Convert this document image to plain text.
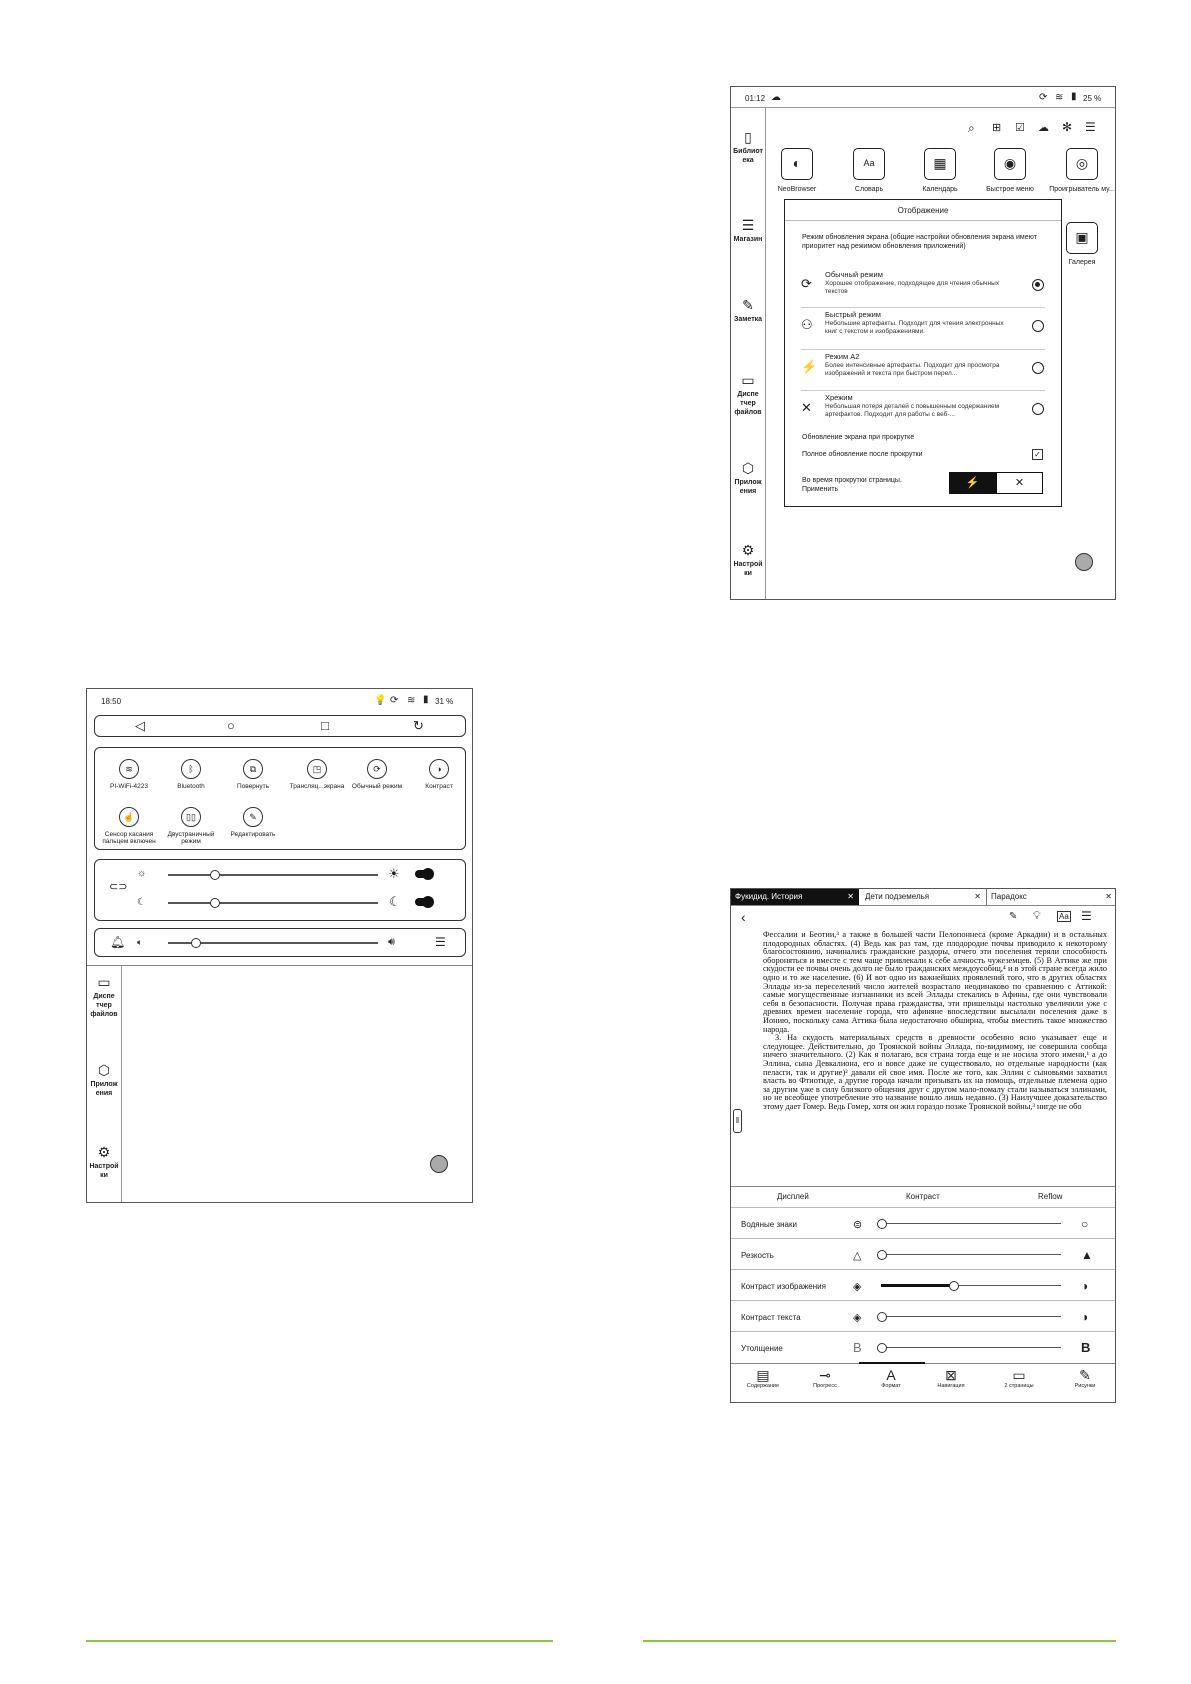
01:12 ☁	⟳ ≋ ▮ 25 %
⌕ ⊞ ☑ ☁ ✻ ☰
▯
Библиот
ека
☰
Магазин
✎
Заметка
▭
Диспе
тчер
файлов
⬡
Прилож
ения
⚙
Настрой
ки
◐
NeoBrowser
Aa
Словарь
▦
Календарь
◉
Быстрое меню
◎
Проигрыватель му...
▣
Галерея
Отображение
Режим обновления экрана (общие настройки обновления экрана имеют приоритет над режимом обновления приложений)
⟳
Обычный режим
Хорошее отображение, подходящее для чтения обычных текстов
⚇
Быстрый режим
Небольшие артефакты. Подходит для чтения электронных книг с текстом и изображениями.
⚡
Режим A2
Более интенсивные артефакты. Подходит для просмотра изображений и текста при быстром перел...
✕
Xрежим
Небольшая потеря деталей с повышенным содержанием артефактов. Подходит для работы с веб-...
Обновление экрана при прокрутке
Полное обновление после прокрутки	✓
Во время прокрутки страницы. Применить
⚡	✕
18:50	💡 ⟳ ≋ ▮ 31 %
◁	○	□	↻
≋
PI-WiFi-4223
ᛒ
Bluetooth
⧉
Повернуть
◳
Трансляц...экрана
⟳
Обычный режим
◑
Контраст
☝
Сенсор касания пальцем включен
▯▯
Двустраничный режим
✎
Редактировать
⊂⊃
☼	☀
☾	☾
🔔︎ 🔈︎	🔊︎	☰
▭
Диспе
тчер
файлов
⬡
Прилож
ения
⚙
Настрой
ки
Фукидид. История	✕	Дети подземелья	✕	Парадокс	✕
‹	✎ 💡︎ Aa ☰
Фессалии и Беотии,³ а также в большей части Пелопоннеса (кроме Аркадии) и в остальных плодородных областях. (4) Ведь как раз там, где плодородие почвы приводило к некоторому благосостоянию, начинались гражданские раздоры, отчего эти поселения теряли способность обороняться и вместе с тем чаще привлекали к себе алчность чужеземцев. (5) В Аттике же при скудости ее почвы очень долго не было гражданских междоусобиц,⁴ и в этой стране всегда жило одно и то же население. (6) И вот одно из важнейших проявлений того, что в других областях Эллады из-за переселений число жителей возрастало неодинаково по сравнению с Аттикой: самые могущественные изгнанники из всей Эллады стекались в Афины, где они чувствовали себя в безопасности. Получая права гражданства, эти пришельцы настолько увеличили уже с древних времен население города, что афиняне впоследствии высылали поселения даже в Ионию, поскольку сама Аттика была недостаточно обширна, чтобы вместить такое множество народа.
3. На скудость материальных средств в древности особенно ясно указывает еще и следующее. Действительно, до Троянской войны Эллада, по-видимому, не совершила сообща ничего значительного. (2) Как я полагаю, вся страна тогда еще и не носила этого имени,¹ а до Эллина, сына Девкалиона, его и вовсе даже не существовало, но отдельные народности (как пеласги, так и другие)² давали ей свое имя. После же того, как Эллин с сыновьями захватил власть во Фтиотиде, а другие города начали призывать их на помощь, отдельные племена одно за другим уже в силу близкого общения друг с другом мало-помалу стали называться эллинами, но не всеобщее употребление это название вошло лишь недавно. (3) Наилучшее доказательство этому дает Гомер. Ведь Гомер, хотя он жил гораздо позже Троянской войны,³ нигде не обо
‖
Дисплей	Контраст	Reflow
Водяные знаки	⊜	○
Резкость	△	▲
Контраст изображения ◈	◑
Контраст текста	◈	◑
Утолщение	B	B
▤
Содержание
⊸
Прогресс
A
Формат
⊠
Навигация
▭
2 страницы
✎
Рисунки
